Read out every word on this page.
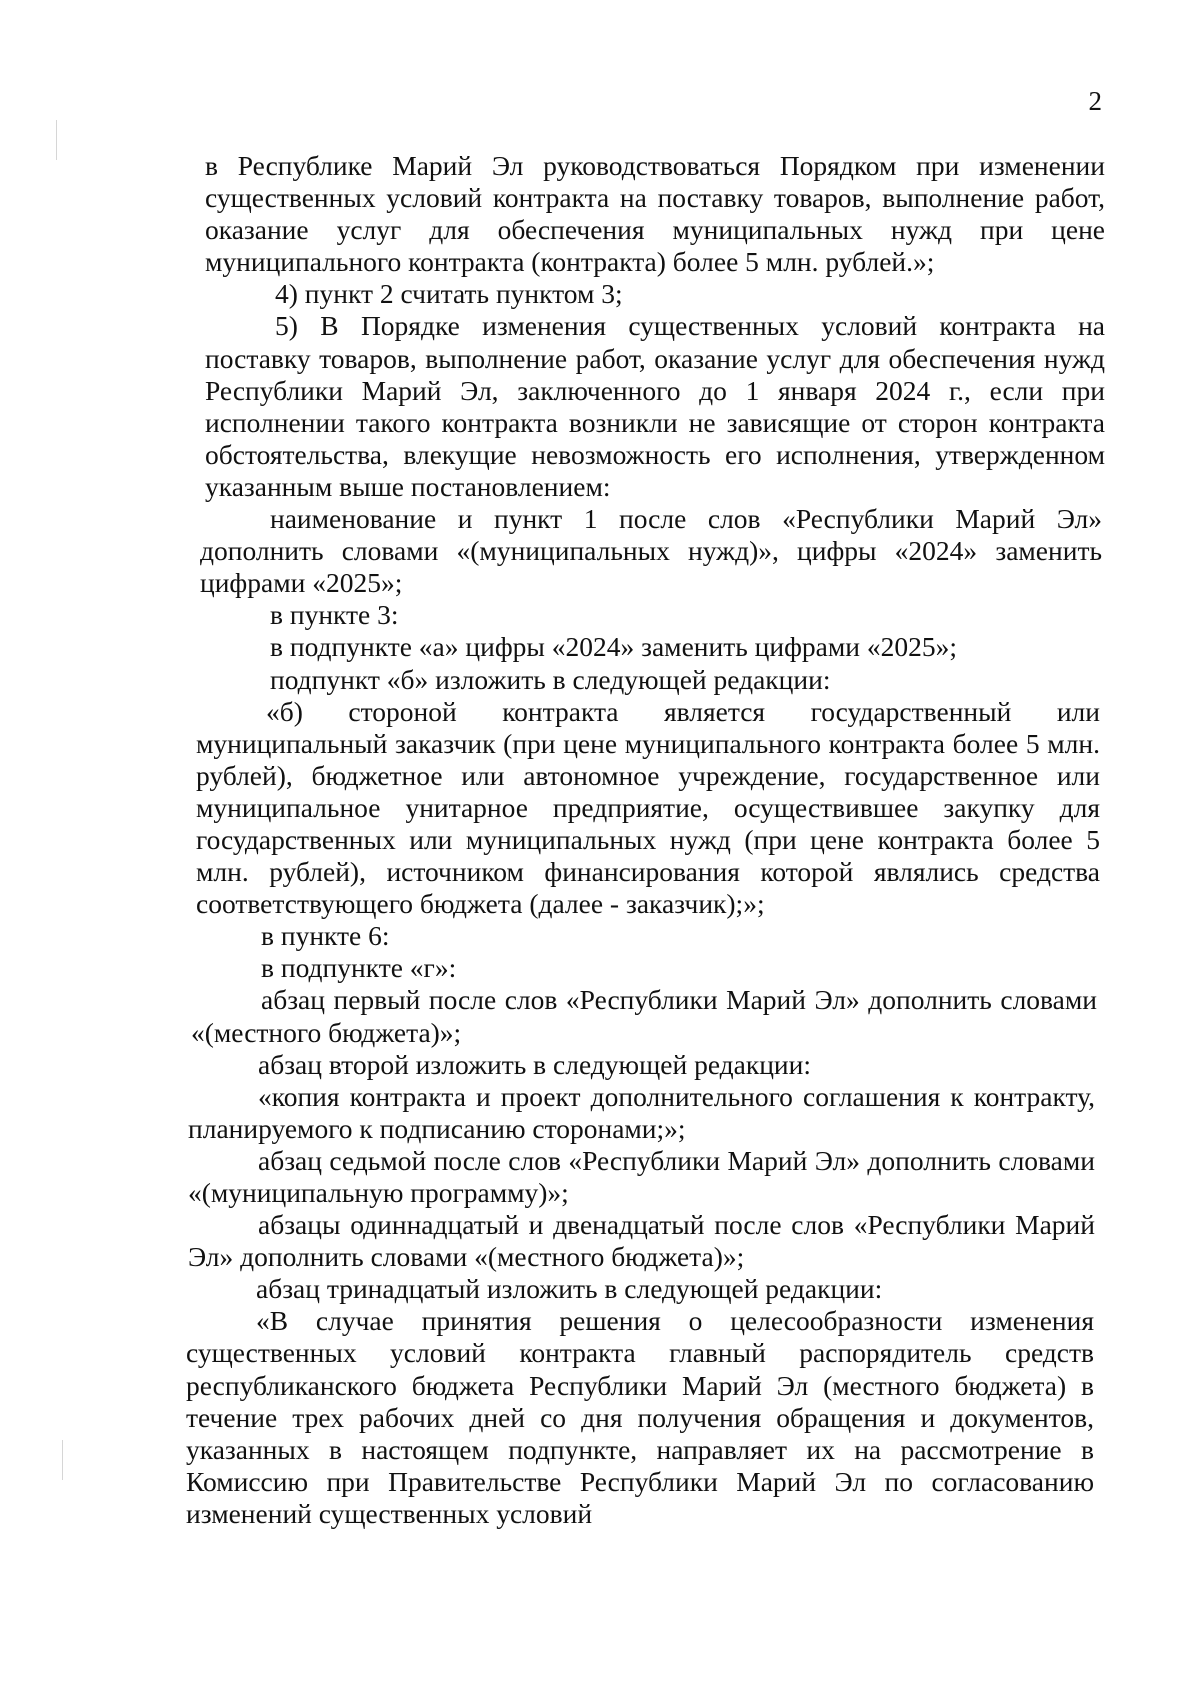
2

в Республике Марий Эл руководствоваться Порядком при изменении существенных условий контракта на поставку товаров, выполнение работ, оказание услуг для обеспечения муниципальных нужд при цене муниципального контракта (контракта) более 5 млн. рублей.»;

4) пункт 2 считать пунктом 3;

5) В Порядке изменения существенных условий контракта на поставку товаров, выполнение работ, оказание услуг для обеспечения нужд Республики Марий Эл, заключенного до 1 января 2024 г., если при исполнении такого контракта возникли не зависящие от сторон контракта обстоятельства, влекущие невозможность его исполнения, утвержденном указанным выше постановлением:

наименование и пункт 1 после слов «Республики Марий Эл» дополнить словами «(муниципальных нужд)», цифры «2024» заменить цифрами «2025»;

в пункте 3:

в подпункте «а» цифры «2024» заменить цифрами «2025»;

подпункт «б» изложить в следующей редакции:

«б) стороной контракта является государственный или муниципальный заказчик (при цене муниципального контракта более 5 млн. рублей), бюджетное или автономное учреждение, государственное или муниципальное унитарное предприятие, осуществившее закупку для государственных или муниципальных нужд (при цене контракта более 5 млн. рублей), источником финансирования которой являлись средства соответствующего бюджета (далее - заказчик);»;

в пункте 6:

в подпункте «г»:

абзац первый после слов «Республики Марий Эл» дополнить словами «(местного бюджета)»;

абзац второй изложить в следующей редакции:

«копия контракта и проект дополнительного соглашения к контракту, планируемого к подписанию сторонами;»;

абзац седьмой после слов «Республики Марий Эл» дополнить словами «(муниципальную программу)»;

абзацы одиннадцатый и двенадцатый после слов «Республики Марий Эл» дополнить словами «(местного бюджета)»;

абзац тринадцатый изложить в следующей редакции:

«В случае принятия решения о целесообразности изменения существенных условий контракта главный распорядитель средств республиканского бюджета Республики Марий Эл (местного бюджета) в течение трех рабочих дней со дня получения обращения и документов, указанных в настоящем подпункте, направляет их на рассмотрение в Комиссию при Правительстве Республики Марий Эл по согласованию изменений существенных условий
